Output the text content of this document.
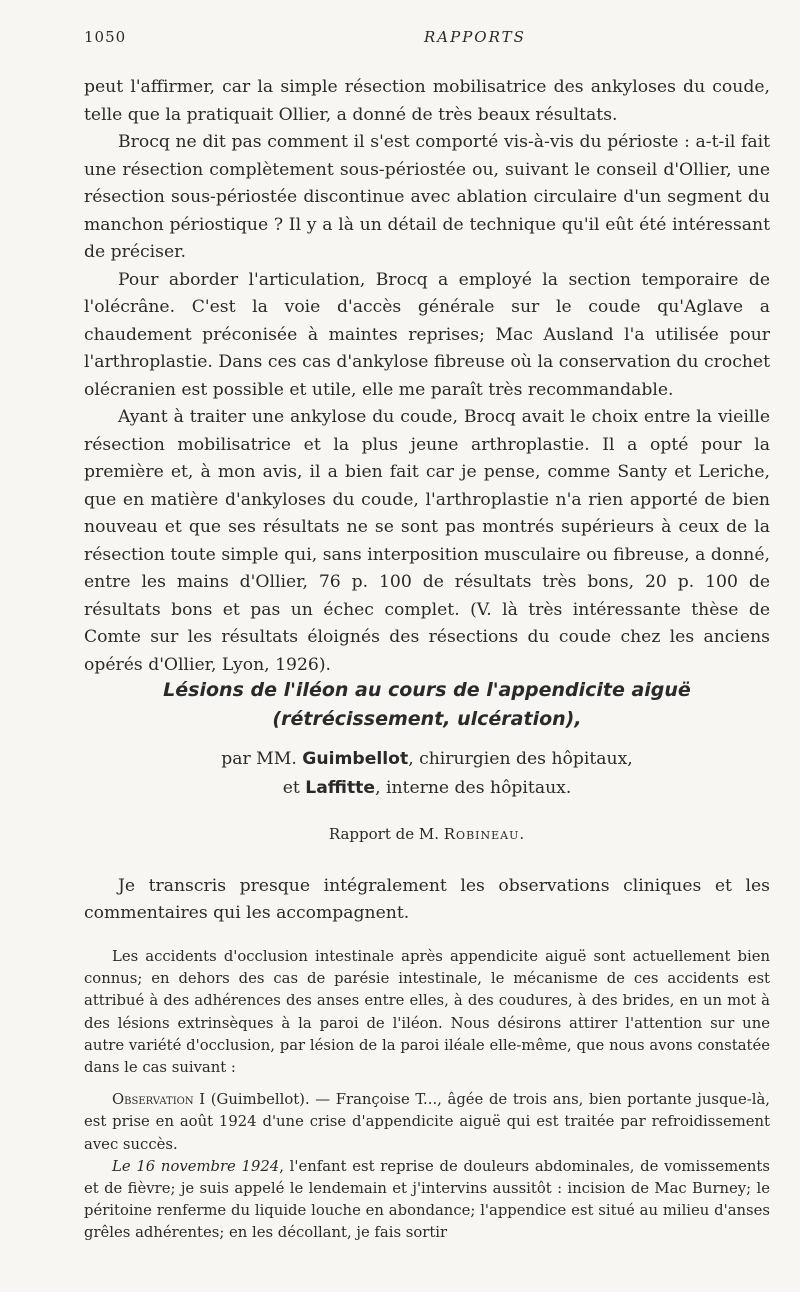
1050	RAPPORTS

peut l'affirmer, car la simple résection mobilisatrice des ankyloses du coude, telle que la pratiquait Ollier, a donné de très beaux résultats.

Brocq ne dit pas comment il s'est comporté vis-à-vis du périoste : a-t-il fait une résection complètement sous-périostée ou, suivant le conseil d'Ollier, une résection sous-périostée discontinue avec ablation circulaire d'un segment du manchon périostique ? Il y a là un détail de technique qu'il eût été intéressant de préciser.

Pour aborder l'articulation, Brocq a employé la section temporaire de l'olécrâne. C'est la voie d'accès générale sur le coude qu'Aglave a chaudement préconisée à maintes reprises; Mac Ausland l'a utilisée pour l'arthroplastie. Dans ces cas d'ankylose fibreuse où la conservation du crochet olécranien est possible et utile, elle me paraît très recommandable.

Ayant à traiter une ankylose du coude, Brocq avait le choix entre la vieille résection mobilisatrice et la plus jeune arthroplastie. Il a opté pour la première et, à mon avis, il a bien fait car je pense, comme Santy et Leriche, que en matière d'ankyloses du coude, l'arthroplastie n'a rien apporté de bien nouveau et que ses résultats ne se sont pas montrés supérieurs à ceux de la résection toute simple qui, sans interposition musculaire ou fibreuse, a donné, entre les mains d'Ollier, 76 p. 100 de résultats très bons, 20 p. 100 de résultats bons et pas un échec complet. (V. là très intéressante thèse de Comte sur les résultats éloignés des résections du coude chez les anciens opérés d'Ollier, Lyon, 1926).

Lésions de l'iléon au cours de l'appendicite aiguë
(rétrécissement, ulcération),
par MM. Guimbellot, chirurgien des hôpitaux,
et Laffitte, interne des hôpitaux.
Rapport de M. Robineau.
Je transcris presque intégralement les observations cliniques et les commentaires qui les accompagnent.

Les accidents d'occlusion intestinale après appendicite aiguë sont actuellement bien connus; en dehors des cas de parésie intestinale, le mécanisme de ces accidents est attribué à des adhérences des anses entre elles, à des coudures, à des brides, en un mot à des lésions extrinsèques à la paroi de l'iléon. Nous désirons attirer l'attention sur une autre variété d'occlusion, par lésion de la paroi iléale elle-même, que nous avons constatée dans le cas suivant :

Observation I (Guimbellot). — Françoise T..., âgée de trois ans, bien portante jusque-là, est prise en août 1924 d'une crise d'appendicite aiguë qui est traitée par refroidissement avec succès.

Le 16 novembre 1924, l'enfant est reprise de douleurs abdominales, de vomissements et de fièvre; je suis appelé le lendemain et j'intervins aussitôt : incision de Mac Burney; le péritoine renferme du liquide louche en abondance; l'appendice est situé au milieu d'anses grêles adhérentes; en les décollant, je fais sortir
